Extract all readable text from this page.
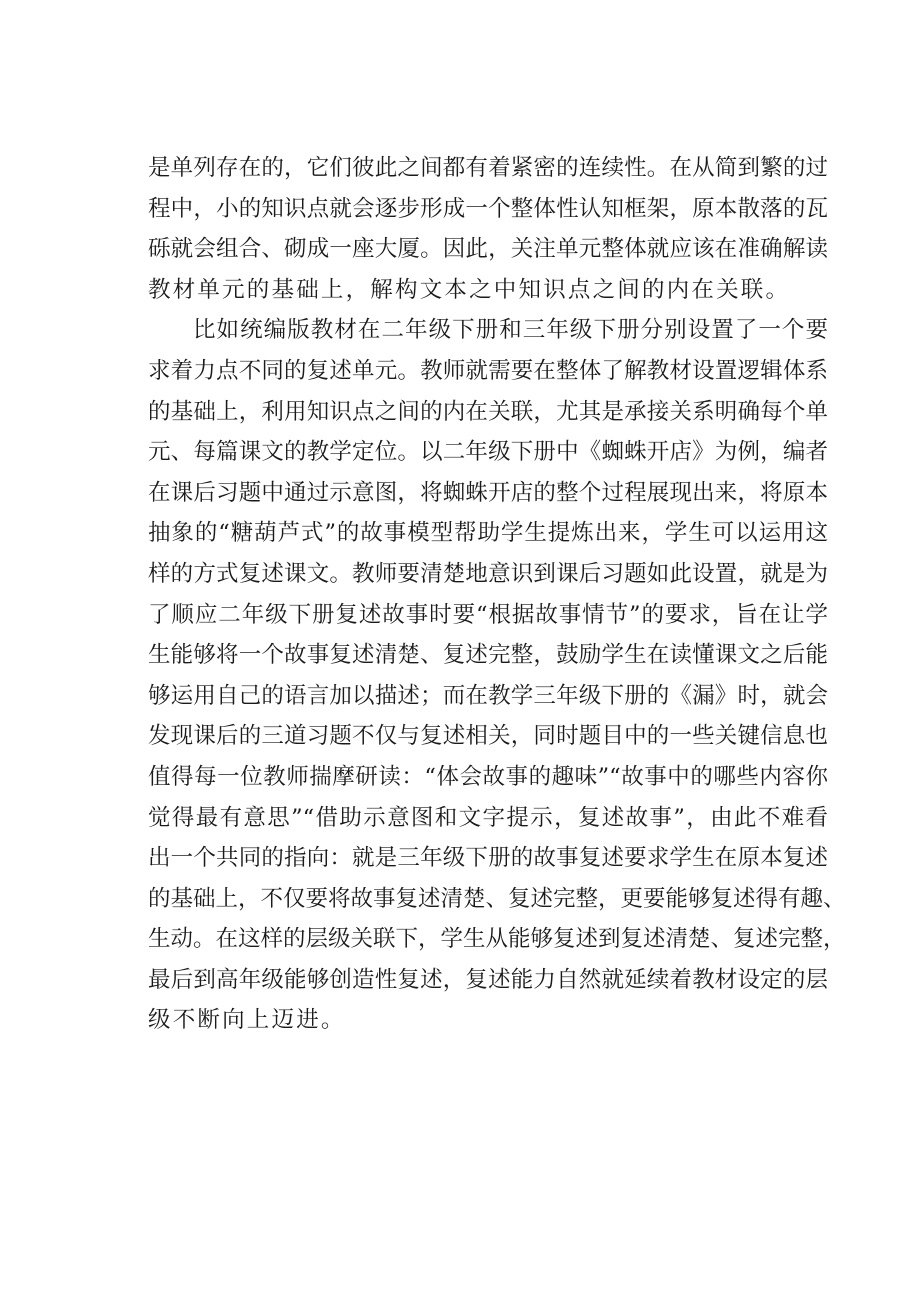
是单列存在的，它们彼此之间都有着紧密的连续性。在从简到繁的过
程中，小的知识点就会逐步形成一个整体性认知框架，原本散落的瓦
砾就会组合、砌成一座大厦。因此，关注单元整体就应该在准确解读
教材单元的基础上，解构文本之中知识点之间的内在关联。
比如统编版教材在二年级下册和三年级下册分别设置了一个要
求着力点不同的复述单元。教师就需要在整体了解教材设置逻辑体系
的基础上，利用知识点之间的内在关联，尤其是承接关系明确每个单
元、每篇课文的教学定位。以二年级下册中《蜘蛛开店》为例，编者
在课后习题中通过示意图，将蜘蛛开店的整个过程展现出来，将原本
抽象的“糖葫芦式”的故事模型帮助学生提炼出来，学生可以运用这
样的方式复述课文。教师要清楚地意识到课后习题如此设置，就是为
了顺应二年级下册复述故事时要“根据故事情节”的要求，旨在让学
生能够将一个故事复述清楚、复述完整，鼓励学生在读懂课文之后能
够运用自己的语言加以描述；而在教学三年级下册的《漏》时，就会
发现课后的三道习题不仅与复述相关，同时题目中的一些关键信息也
值得每一位教师揣摩研读：“体会故事的趣味”“故事中的哪些内容你
觉得最有意思”“借助示意图和文字提示，复述故事”，由此不难看
出一个共同的指向：就是三年级下册的故事复述要求学生在原本复述
的基础上，不仅要将故事复述清楚、复述完整，更要能够复述得有趣、
生动。在这样的层级关联下，学生从能够复述到复述清楚、复述完整，
最后到高年级能够创造性复述，复述能力自然就延续着教材设定的层
级不断向上迈进。
